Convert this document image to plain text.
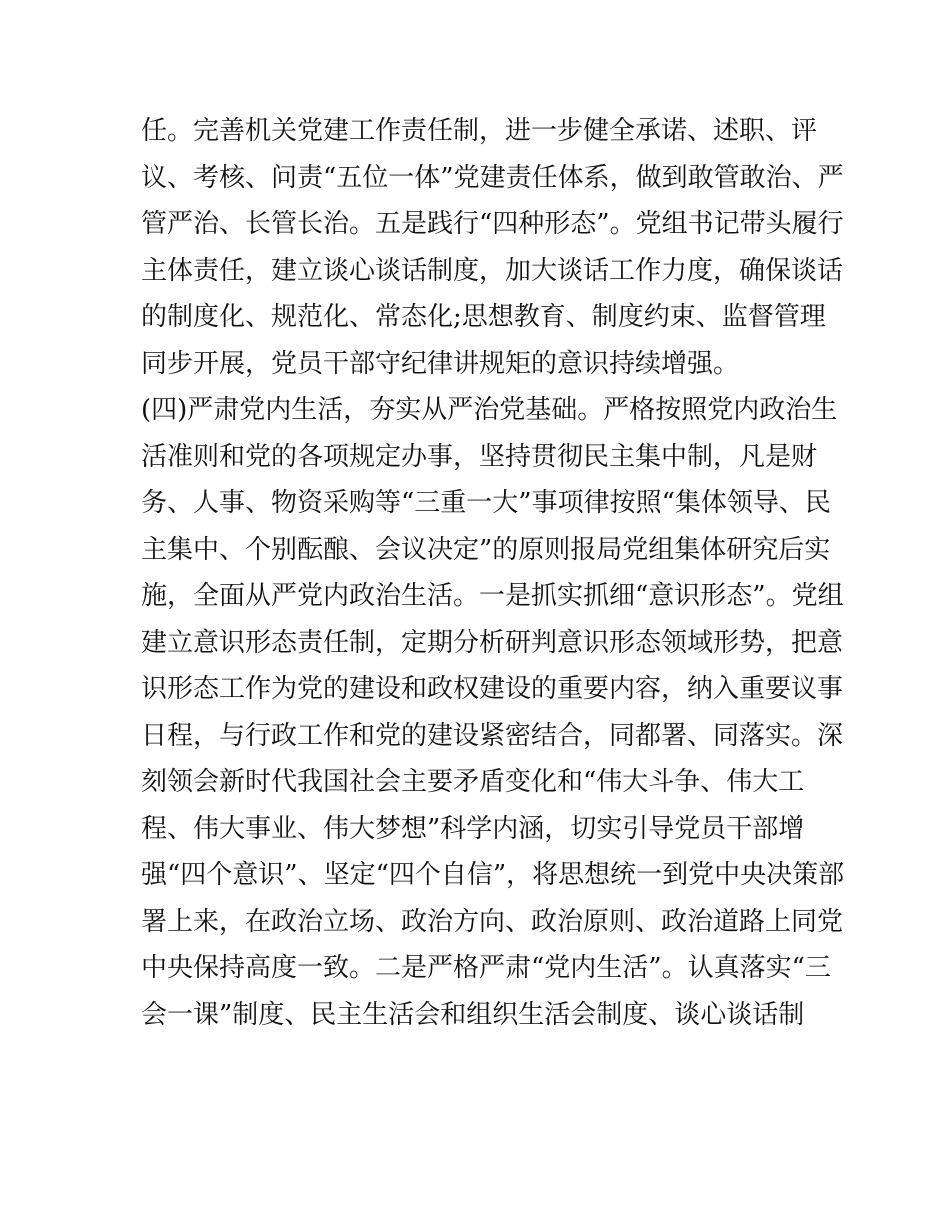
任。完善机关党建工作责任制，进一步健全承诺、述职、评
议、考核、问责“五位一体”党建责任体系，做到敢管敢治、严
管严治、长管长治。五是践行“四种形态”。党组书记带头履行
主体责任，建立谈心谈话制度，加大谈话工作力度，确保谈话
的制度化、规范化、常态化;思想教育、制度约束、监督管理
同步开展，党员干部守纪律讲规矩的意识持续增强。
(四)严肃党内生活，夯实从严治党基础。严格按照党内政治生
活准则和党的各项规定办事，坚持贯彻民主集中制，凡是财
务、人事、物资采购等“三重一大”事项律按照“集体领导、民
主集中、个别酝酿、会议决定”的原则报局党组集体研究后实
施，全面从严党内政治生活。一是抓实抓细“意识形态”。党组
建立意识形态责任制，定期分析研判意识形态领域形势，把意
识形态工作为党的建设和政权建设的重要内容，纳入重要议事
日程，与行政工作和党的建设紧密结合，同都署、同落实。深
刻领会新时代我国社会主要矛盾变化和“伟大斗争、伟大工
程、伟大事业、伟大梦想”科学内涵，切实引导党员干部增
强“四个意识”、坚定“四个自信”，将思想统一到党中央决策部
署上来，在政治立场、政治方向、政治原则、政治道路上同党
中央保持高度一致。二是严格严肃“党内生活”。认真落实“三
会一课”制度、民主生活会和组织生活会制度、谈心谈话制
